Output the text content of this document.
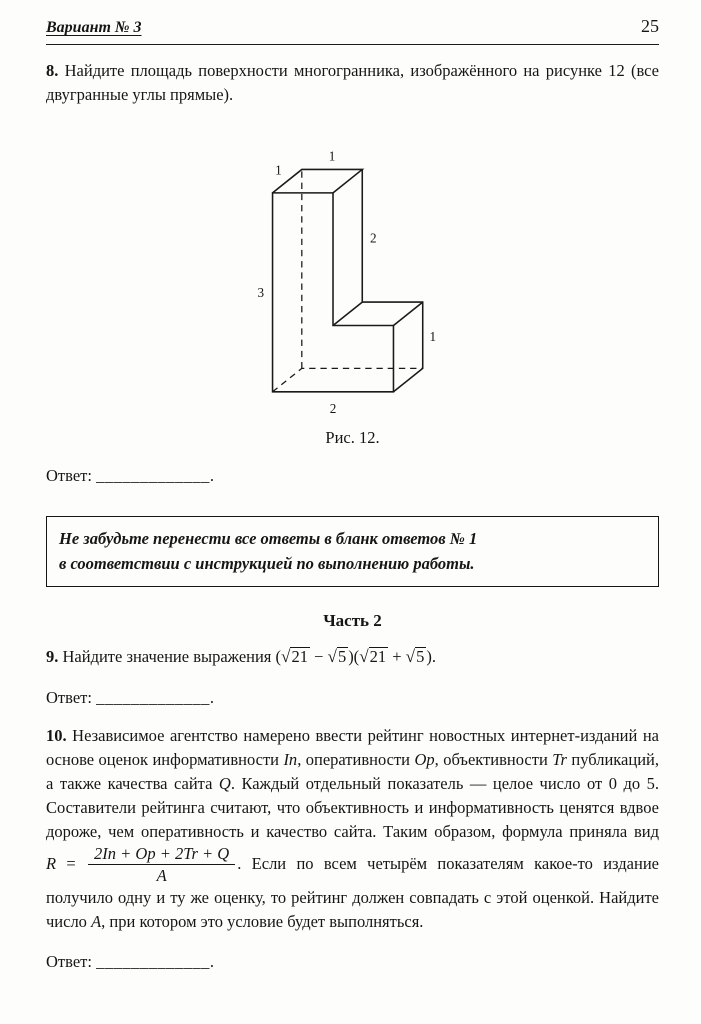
Вариант № 3	25

8. Найдите площадь поверхности многогранника, изображённого на рисунке 12 (все двугранные углы прямые).

1
1
3
2
1
2
Рис. 12.

Ответ: _____________.

Не забудьте перенести все ответы в бланк ответов № 1
в соответствии с инструкцией по выполнению работы.
Часть 2

9. Найдите значение выражения (√21 − √5 )(√21 + √5 ).

Ответ: _____________.

10. Независимое агентство намерено ввести рейтинг новостных интернет-изданий на основе оценок информативности In, оперативности Op, объективности Tr публикаций, а также качества сайта Q. Каждый отдельный показатель — целое число от 0 до 5. Составители рейтинга считают, что объективность и информативность ценятся вдвое дороже, чем оперативность и качество сайта. Таким образом, формула приняла вид $R = \frac{2In + Op + 2Tr + Q}{A}$ . Если по всем четырём показателям какое-то издание получило одну и ту же оценку, то рейтинг должен совпадать с этой оценкой. Найдите число A, при котором это условие будет выполняться.

Ответ: _____________.
